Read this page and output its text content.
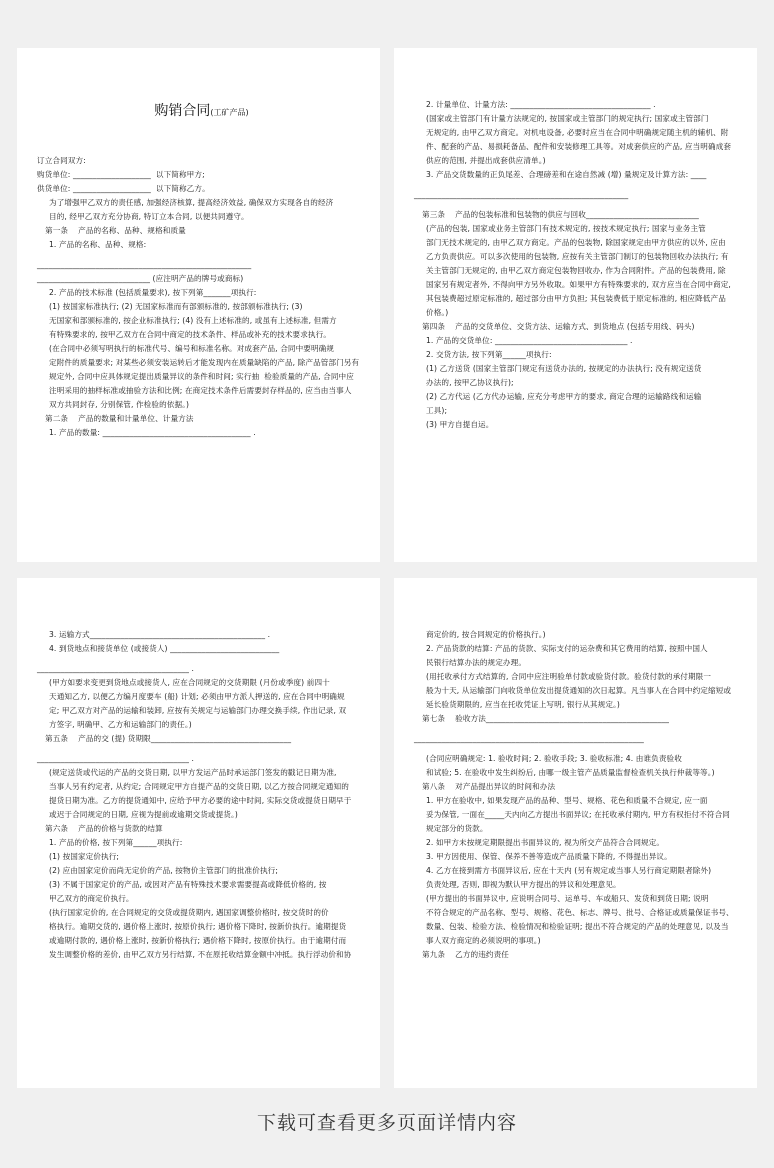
购销合同(工矿产品)

订立合同双方:

购货单位: ____________________  以下简称甲方;

供货单位: ____________________  以下简称乙方。

为了增强甲乙双方的责任感, 加强经济核算, 提高经济效益, 确保双方实现各自的经济

目的, 经甲乙双方充分协商, 特订立本合同, 以便共同遵守。

第一条    产品的名称、品种、规格和质量

1. 产品的名称、品种、规格:

_______________________________________________________

_____________________________ (应注明产品的牌号或商标)

2. 产品的技术标准 (包括质量要求), 按下列第_______项执行:

(1) 按国家标准执行; (2) 无国家标准而有部颁标准的, 按部颁标准执行; (3)

无国家和部颁标准的, 按企业标准执行; (4) 没有上述标准的, 或虽有上述标准, 但需方

有特殊要求的, 按甲乙双方在合同中商定的技术条件、样品或补充的技术要求执行。

(在合同中必须写明执行的标准代号、编号和标准名称。对成套产品, 合同中要明确规

定附件的质量要求; 对某些必须安装运转后才能发现内在质量缺陷的产品, 除产品管部门另有

规定外, 合同中应具体规定提出质量异议的条件和时间; 实行抽  检验质量的产品, 合同中应

注明采用的抽样标准或抽验方法和比例; 在商定技术条件后需要封存样品的, 应当由当事人

双方共同封存, 分别保管, 作检验的依据。)

第二条    产品的数量和计量单位、计量方法

1. 产品的数量: ______________________________________ .

2. 计量单位、计量方法: ____________________________________ .

(国家或主管部门有计量方法规定的, 按国家或主管部门的规定执行; 国家或主管部门

无规定的, 由甲乙双方商定。对机电设备, 必要时应当在合同中明确规定随主机的辅机、附

件、配套的产品、易损耗备品、配件和安装修理工具等。对成套供应的产品, 应当明确成套

供应的范围, 并提出成套供应清单。)

3. 产品交货数量的正负尾差、合理磅差和在途自然减 (增) 量规定及计算方法: ____

_______________________________________________________

第三条    产品的包装标准和包装物的供应与回收_____________________________

(产品的包装, 国家或业务主管部门有技术规定的, 按技术规定执行; 国家与业务主管

部门无技术规定的, 由甲乙双方商定。产品的包装物, 除国家规定由甲方供应的以外, 应由

乙方负责供应。可以多次使用的包装物, 应按有关主管部门制订的包装物回收办法执行; 有

关主管部门无规定的, 由甲乙双方商定包装物回收办, 作为合同附件。产品的包装费用, 除

国家另有规定者外, 不得向甲方另外收取。如果甲方有特殊要求的, 双方应当在合同中商定,

其包装费超过原定标准的, 超过部分由甲方负担; 其包装费低于原定标准的, 相应降低产品

价格。)

第四条    产品的交货单位、交货方法、运输方式、到货地点 (包括专用线、码头)

1. 产品的交货单位: __________________________________ .

2. 交货方法, 按下列第______项执行:

(1) 乙方送货 (国家主管部门规定有送货办法的, 按规定的办法执行; 没有规定送货

办法的, 按甲乙协议执行);

(2) 乙方代运 (乙方代办运输, 应充分考虑甲方的要求, 商定合理的运输路线和运输

工具);

(3) 甲方自提自运。

3. 运输方式_____________________________________________ .

4. 到货地点和接货单位 (或接货人) ____________________________

_______________________________________ .

(甲方如要求变更到货地点或接货人, 应在合同规定的交货期限 (月份或季度) 前四十

天通知乙方, 以便乙方编月度要车 (船) 计划; 必须由甲方派人押送的, 应在合同中明确规

定; 甲乙双方对产品的运输和装卸, 应按有关规定与运输部门办理交换手续, 作出记录, 双

方签字, 明确甲、乙方和运输部门的责任。)

第五条    产品的交 (提) 货期限____________________________________

_______________________________________ .

(规定送货或代运的产品的交货日期, 以甲方发运产品时承运部门签发的戳记日期为准,

当事人另有约定者, 从约定; 合同规定甲方自提产品的交货日期, 以乙方按合同规定通知的

提货日期为准。乙方的提货通知中, 应给予甲方必要的途中时间, 实际交货或提货日期早于

或迟于合同规定的日期, 应视为提前或逾期交货或提货。)

第六条    产品的价格与货款的结算

1. 产品的价格, 按下列第______项执行:

(1) 按国家定价执行;

(2) 应由国家定价而尚无定价的产品, 按物价主管部门的批准价执行;

(3) 不属于国家定价的产品, 或因对产品有特殊技术要求需要提高或降低价格的, 按

甲乙双方的商定价执行。

(执行国家定价的, 在合同规定的交货或提货期内, 遇国家调整价格时, 按交货时的价

格执行。逾期交货的, 遇价格上涨时, 按原价执行; 遇价格下降时, 按新价执行。逾期提货

或逾期付款的, 遇价格上涨时, 按新价格执行; 遇价格下降时, 按原价执行。由于逾期付而

发生调整价格的差价, 由甲乙双方另行结算, 不在原托收结算金额中冲抵。执行浮动价和协

商定价的, 按合同规定的价格执行。)

2. 产品货款的结算: 产品的货款、实际支付的运杂费和其它费用的结算, 按照中国人

民银行结算办法的规定办理。

(用托收承付方式结算的, 合同中应注明验单付款或验货付款。验货付款的承付期限一

般为十天, 从运输部门向收货单位发出提货通知的次日起算。凡当事人在合同中约定缩短或

延长验货期限的, 应当在托收凭证上写明, 银行从其规定。)

第七条    验收方法_______________________________________________

___________________________________________________________

(合同应明确规定: 1. 验收时间; 2. 验收手段; 3. 验收标准; 4. 由谁负责验收

和试验; 5. 在验收中发生纠纷后, 由哪一级主管产品质量监督检查机关执行仲裁等等。)

第八条    对产品提出异议的时间和办法

1. 甲方在验收中, 如果发现产品的品种、型号、规格、花色和质量不合规定, 应一面

妥为保管, 一面在_____天内向乙方提出书面异议; 在托收承付期内, 甲方有权拒付不符合同

规定部分的货款。

2. 如甲方未按规定期限提出书面异议的, 视为所交产品符合合同规定。

3. 甲方因使用、保管、保养不善等造成产品质量下降的, 不得提出异议。

4. 乙方在接到需方书面异议后, 应在十天内 (另有规定或当事人另行商定期限者除外)

负责处理, 否则, 即视为默认甲方提出的异议和处理意见。

(甲方提出的书面异议中, 应说明合同号、运单号、车或船只、发货和到货日期; 说明

不符合规定的产品名称、型号、规格、花色、标志、牌号、批号、合格证或质量保证书号、

数量、包装、检验方法、检验情况和检验证明; 提出不符合规定的产品的处理意见, 以及当

事人双方商定的必须说明的事项。)

第九条    乙方的违约责任

下载可查看更多页面详情内容
